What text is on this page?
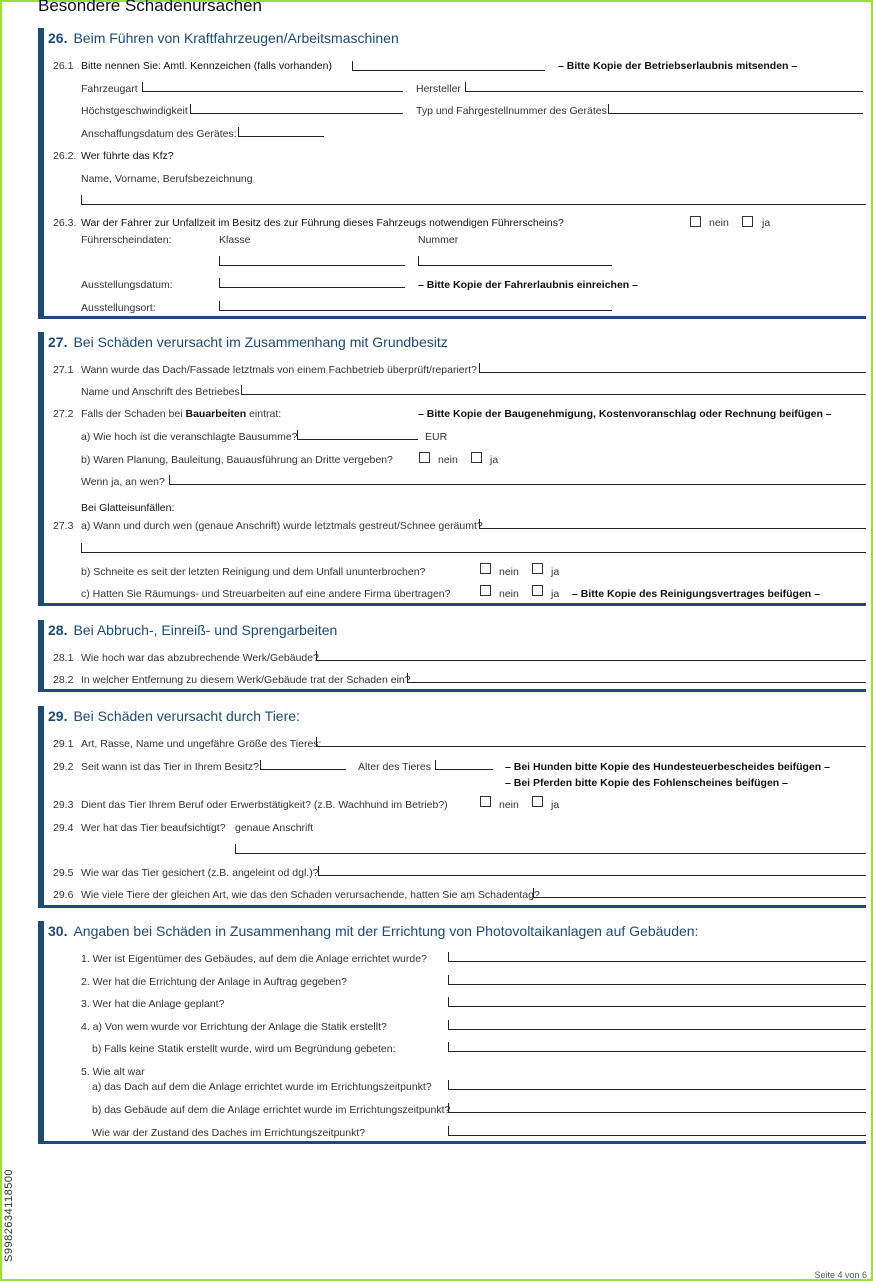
Besondere Schadenursachen
26. Beim Führen von Kraftfahrzeugen/Arbeitsmaschinen
26.1 Bitte nennen Sie: Amtl. Kennzeichen (falls vorhanden)	– Bitte Kopie der Betriebserlaubnis mitsenden –
Fahrzeugart	Hersteller
Höchstgeschwindigkeit	Typ und Fahrgestellnummer des Gerätes:
Anschaffungsdatum des Gerätes:
26.2. Wer führte das Kfz?
Name, Vorname, Berufsbezeichnung
26.3. War der Fahrer zur Unfallzeit im Besitz des zur Führung dieses Fahrzeugs notwendigen Führerscheins?	nein	ja
Führerscheindaten:	Klasse	Nummer
Ausstellungsdatum:	– Bitte Kopie der Fahrerlaubnis einreichen –
Ausstellungsort:
27. Bei Schäden verursacht im Zusammenhang mit Grundbesitz
27.1 Wann wurde das Dach/Fassade letztmals von einem Fachbetrieb überprüft/repariert?
Name und Anschrift des Betriebes
27.2 Falls der Schaden bei Bauarbeiten eintrat:	– Bitte Kopie der Baugenehmigung, Kostenvoranschlag oder Rechnung beifügen –
a) Wie hoch ist die veranschlagte Bausumme?	EUR
b) Waren Planung, Bauleitung, Bauausführung an Dritte vergeben?	nein	ja
Wenn ja, an wen?
Bei Glatteisunfällen:
27.3 a) Wann und durch wen (genaue Anschrift) wurde letztmals gestreut/Schnee geräumt?
b) Schneite es seit der letzten Reinigung und dem Unfall ununterbrochen?	nein	ja
c) Hatten Sie Räumungs- und Streuarbeiten auf eine andere Firma übertragen?	nein	ja – Bitte Kopie des Reinigungsvertrages beifügen –
28. Bei Abbruch-, Einreiß- und Sprengarbeiten
28.1 Wie hoch war das abzubrechende Werk/Gebäude?
28.2 In welcher Entfernung zu diesem Werk/Gebäude trat der Schaden ein?
29. Bei Schäden verursacht durch Tiere:
29.1 Art, Rasse, Name und ungefähre Größe des Tieres:
29.2 Seit wann ist das Tier in Ihrem Besitz?	Alter des Tieres	– Bei Hunden bitte Kopie des Hundesteuerbescheides beifügen –
– Bei Pferden bitte Kopie des Fohlenscheines beifügen –
29.3 Dient das Tier Ihrem Beruf oder Erwerbstätigkeit? (z.B. Wachhund im Betrieb?)	nein	ja
29.4 Wer hat das Tier beaufsichtigt? genaue Anschrift
29.5 Wie war das Tier gesichert (z.B. angeleint od dgl.)?
29.6 Wie viele Tiere der gleichen Art, wie das den Schaden verursachende, hatten Sie am Schadentag?
30. Angaben bei Schäden in Zusammenhang mit der Errichtung von Photovoltaikanlagen auf Gebäuden:
1. Wer ist Eigentümer des Gebäudes, auf dem die Anlage errichtet wurde?
2. Wer hat die Errichtung der Anlage in Auftrag gegeben?
3. Wer hat die Anlage geplant?
4. a) Von wem wurde vor Errichtung der Anlage die Statik erstellt?
b) Falls keine Statik erstellt wurde, wird um Begründung gebeten:
5. Wie alt war
a) das Dach auf dem die Anlage errichtet wurde im Errichtungszeitpunkt?
b) das Gebäude auf dem die Anlage errichtet wurde im Errichtungszeitpunkt?
Wie war der Zustand des Daches im Errichtungszeitpunkt?
S9982634118500
Seite 4 von 6
